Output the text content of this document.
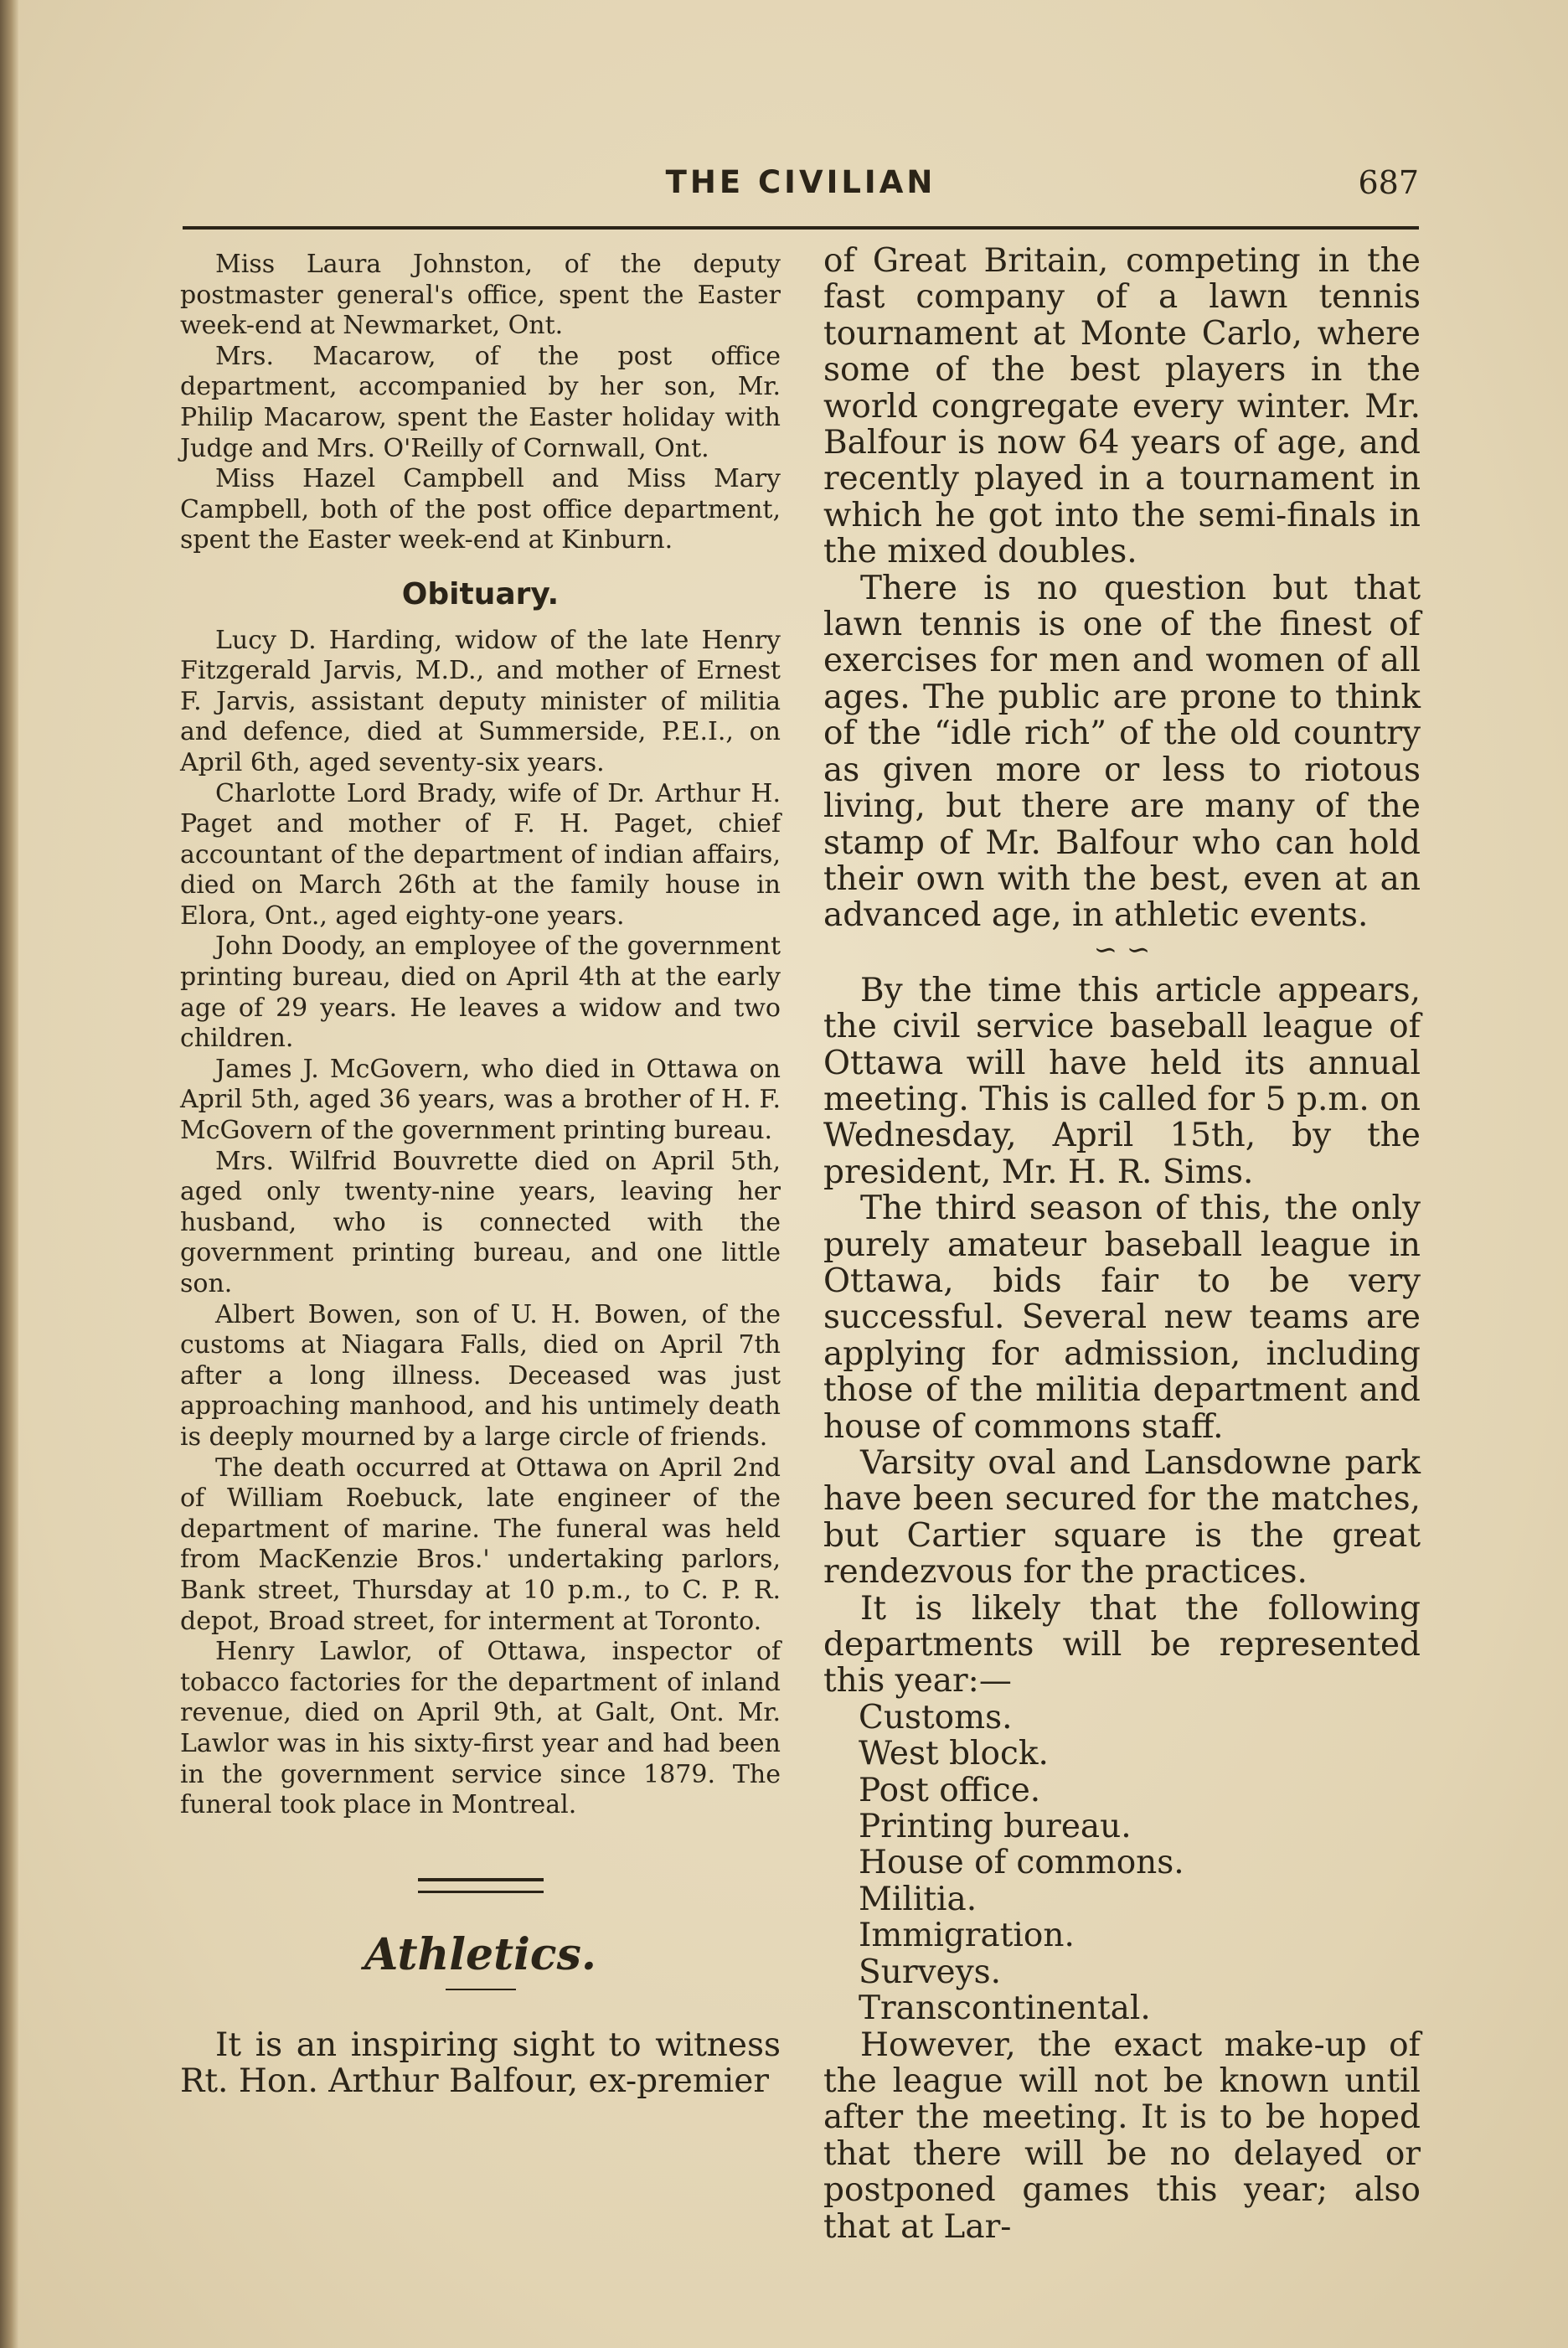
THE CIVILIAN	687

Miss Laura Johnston, of the deputy postmaster general's office, spent the Easter week-end at Newmarket, Ont.

Mrs. Macarow, of the post office department, accompanied by her son, Mr. Philip Macarow, spent the Easter holiday with Judge and Mrs. O'Reilly of Cornwall, Ont.

Miss Hazel Campbell and Miss Mary Campbell, both of the post office department, spent the Easter week-end at Kinburn.

Obituary.

Lucy D. Harding, widow of the late Henry Fitzgerald Jarvis, M.D., and mother of Ernest F. Jarvis, assistant deputy minister of militia and defence, died at Summerside, P.E.I., on April 6th, aged seventy-six years.

Charlotte Lord Brady, wife of Dr. Arthur H. Paget and mother of F. H. Paget, chief accountant of the department of indian affairs, died on March 26th at the family house in Elora, Ont., aged eighty-one years.

John Doody, an employee of the government printing bureau, died on April 4th at the early age of 29 years. He leaves a widow and two children.

James J. McGovern, who died in Ottawa on April 5th, aged 36 years, was a brother of H. F. McGovern of the government printing bureau.

Mrs. Wilfrid Bouvrette died on April 5th, aged only twenty-nine years, leaving her husband, who is connected with the government printing bureau, and one little son.

Albert Bowen, son of U. H. Bowen, of the customs at Niagara Falls, died on April 7th after a long illness. Deceased was just approaching manhood, and his untimely death is deeply mourned by a large circle of friends.

The death occurred at Ottawa on April 2nd of William Roebuck, late engineer of the department of marine. The funeral was held from MacKenzie Bros.' undertaking parlors, Bank street, Thursday at 10 p.m., to C. P. R. depot, Broad street, for interment at Toronto.

Henry Lawlor, of Ottawa, inspector of tobacco factories for the department of inland revenue, died on April 9th, at Galt, Ont. Mr. Lawlor was in his sixty-first year and had been in the government service since 1879. The funeral took place in Montreal.

Athletics.

It is an inspiring sight to witness Rt. Hon. Arthur Balfour, ex-premier

of Great Britain, competing in the fast company of a lawn tennis tournament at Monte Carlo, where some of the best players in the world congregate every winter. Mr. Balfour is now 64 years of age, and recently played in a tournament in which he got into the semi-finals in the mixed doubles.

There is no question but that lawn tennis is one of the finest of exercises for men and women of all ages. The public are prone to think of the “idle rich” of the old country as given more or less to riotous living, but there are many of the stamp of Mr. Balfour who can hold their own with the best, even at an advanced age, in athletic events.

∽ ∽

By the time this article appears, the civil service baseball league of Ottawa will have held its annual meeting. This is called for 5 p.m. on Wednesday, April 15th, by the president, Mr. H. R. Sims.

The third season of this, the only purely amateur baseball league in Ottawa, bids fair to be very successful. Several new teams are applying for admission, including those of the militia department and house of commons staff.

Varsity oval and Lansdowne park have been secured for the matches, but Cartier square is the great rendezvous for the practices.

It is likely that the following departments will be represented this year:—

Customs.
West block.
Post office.
Printing bureau.
House of commons.
Militia.
Immigration.
Surveys.
Transcontinental.

However, the exact make-up of the league will not be known until after the meeting. It is to be hoped that there will be no delayed or postponed games this year; also that at Lar-
